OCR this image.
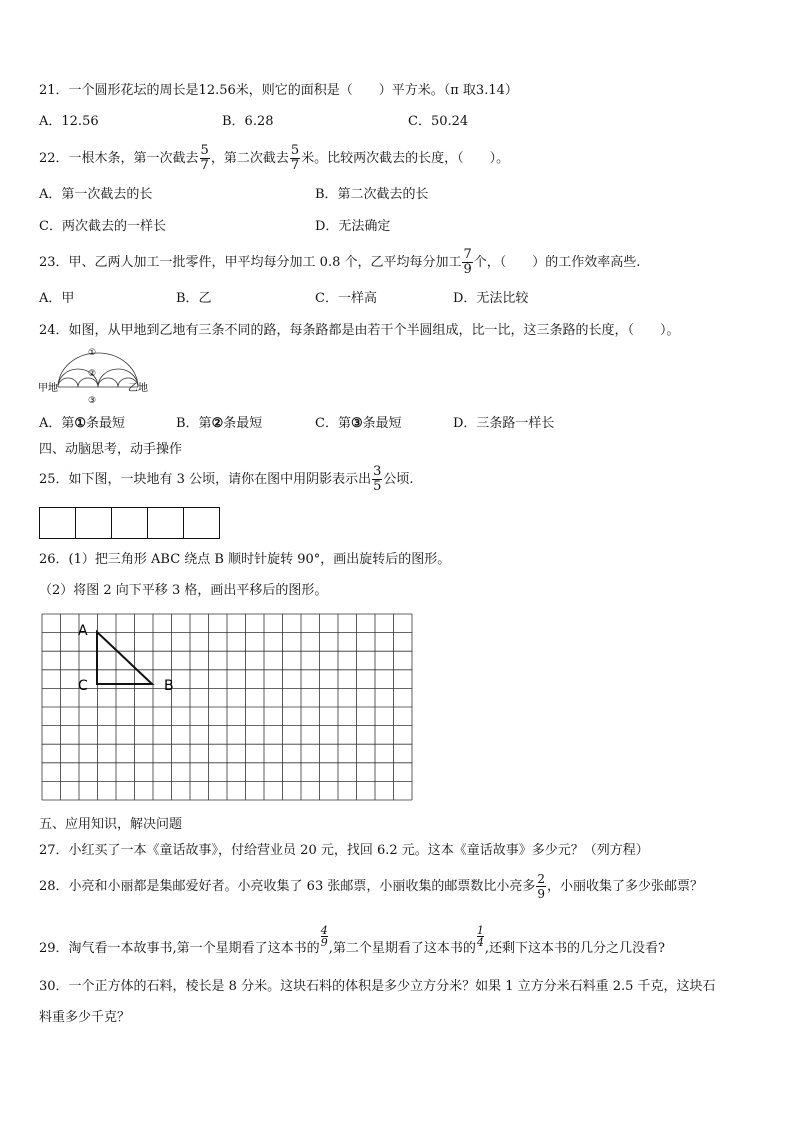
21．一个圆形花坛的周长是12.56米，则它的面积是（　　）平方米。（π 取3.14）
A．12.56	B．6.28	C．50.24
22．一根木条，第一次截去 $\frac{5}{7}$ ，第二次截去 $\frac{5}{7}$ 米。比较两次截去的长度，（　　）。
A．第一次截去的长	B．第二次截去的长
C．两次截去的一样长	D．无法确定
23．甲、乙两人加工一批零件，甲平均每分加工 0.8 个，乙平均每分加工 $\frac{7}{9}$ 个，（　　）的工作效率高些.
A．甲	B．乙	C．一样高	D．无法比较
24．如图，从甲地到乙地有三条不同的路，每条路都是由若干个半圆组成，比一比，这三条路的长度，（　　）。
甲地	乙地
①
②
③
A．第①条最短	B．第②条最短	C．第③条最短	D．三条路一样长
四、动脑思考，动手操作
25．如下图，一块地有 3 公顷，请你在图中用阴影表示出 $\frac{3}{5}$ 公顷.
26．(1）把三角形 ABC 绕点 B 顺时针旋转 90°，画出旋转后的图形。
（2）将图 2 向下平移 3 格，画出平移后的图形。
A
B
C
五、应用知识，解决问题
27．小红买了一本《童话故事》，付给营业员 20 元，找回 6.2 元。这本《童话故事》多少元？（列方程）
28．小亮和小丽都是集邮爱好者。小亮收集了 63 张邮票，小丽收集的邮票数比小亮多 $\frac{2}{9}$ ，小丽收集了多少张邮票？
29．淘气看一本故事书,第一个星期看了这本书的
$\frac{4}{9}$
,第二个星期看了这本书的
$\frac{1}{4}$
,还剩下这本书的几分之几没看?
30．一个正方体的石料，棱长是 8 分米。这块石料的体积是多少立方分米？如果 1 立方分米石料重 2.5 千克，这块石
料重多少千克？
